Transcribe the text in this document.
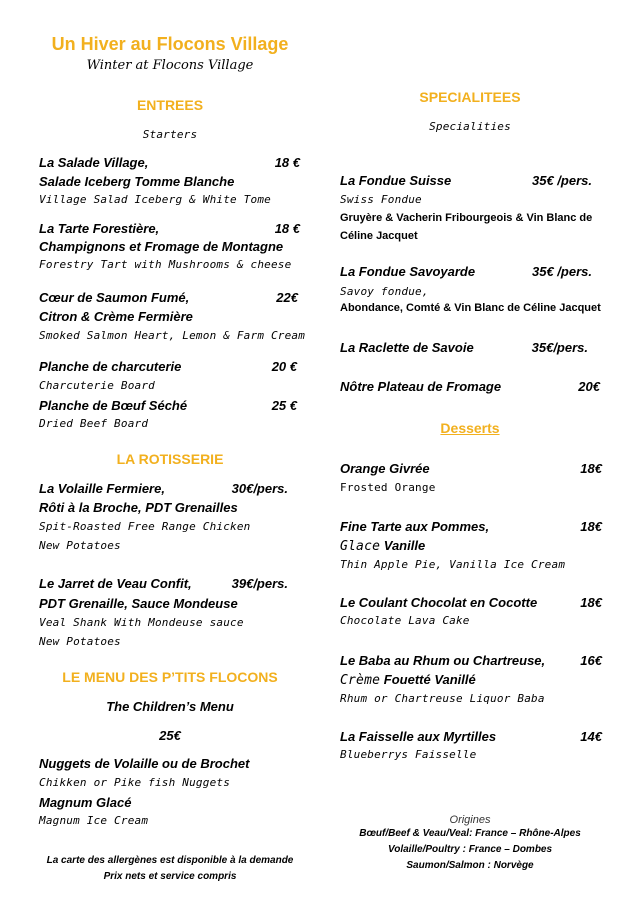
Un Hiver au Flocons Village
Winter at Flocons Village
ENTREES
Starters
La Salade Village,	18 €
Salade Iceberg Tomme Blanche
Village Salad Iceberg & White Tome
La Tarte Forestière,	18 €
Champignons et Fromage de Montagne
Forestry Tart with Mushrooms & cheese
Cœur de Saumon Fumé,	22€
Citron & Crème Fermière
Smoked Salmon Heart, Lemon & Farm Cream
Planche de charcuterie	20 €
Charcuterie Board
Planche de Bœuf Séché	25 €
Dried Beef Board
LA ROTISSERIE
La Volaille Fermiere,	30€/pers.
Rôti à la Broche, PDT Grenailles
Spit-Roasted Free Range Chicken
New Potatoes
Le Jarret de Veau Confit,	39€/pers.
PDT Grenaille, Sauce Mondeuse
Veal Shank With Mondeuse sauce
New Potatoes
LE MENU DES P’TITS FLOCONS
The Children’s Menu
25€
Nuggets de Volaille ou de Brochet
Chikken or Pike fish Nuggets
Magnum Glacé
Magnum Ice Cream
La carte des allergènes est disponible à la demande
Prix nets et service compris
SPECIALITEES
Specialities
La Fondue Suisse	35€ /pers.
Swiss Fondue
Gruyère & Vacherin Fribourgeois & Vin Blanc de Céline Jacquet
La Fondue Savoyarde	35€ /pers.
Savoy fondue,
Abondance, Comté & Vin Blanc de Céline Jacquet
La Raclette de Savoie	35€/pers.
Nôtre Plateau de Fromage	20€
Desserts
Orange Givrée	18€
Frosted Orange
Fine Tarte aux Pommes,	18€
Glace Vanille
Thin Apple Pie, Vanilla Ice Cream
Le Coulant Chocolat en Cocotte	18€
Chocolate Lava Cake
Le Baba au Rhum ou Chartreuse,	16€
Crème Fouetté Vanillé
Rhum or Chartreuse Liquor Baba
La Faisselle aux Myrtilles	14€
Blueberrys Faisselle
Origines
Bœuf/Beef & Veau/Veal: France – Rhône-Alpes
Volaille/Poultry : France – Dombes
Saumon/Salmon : Norvège
